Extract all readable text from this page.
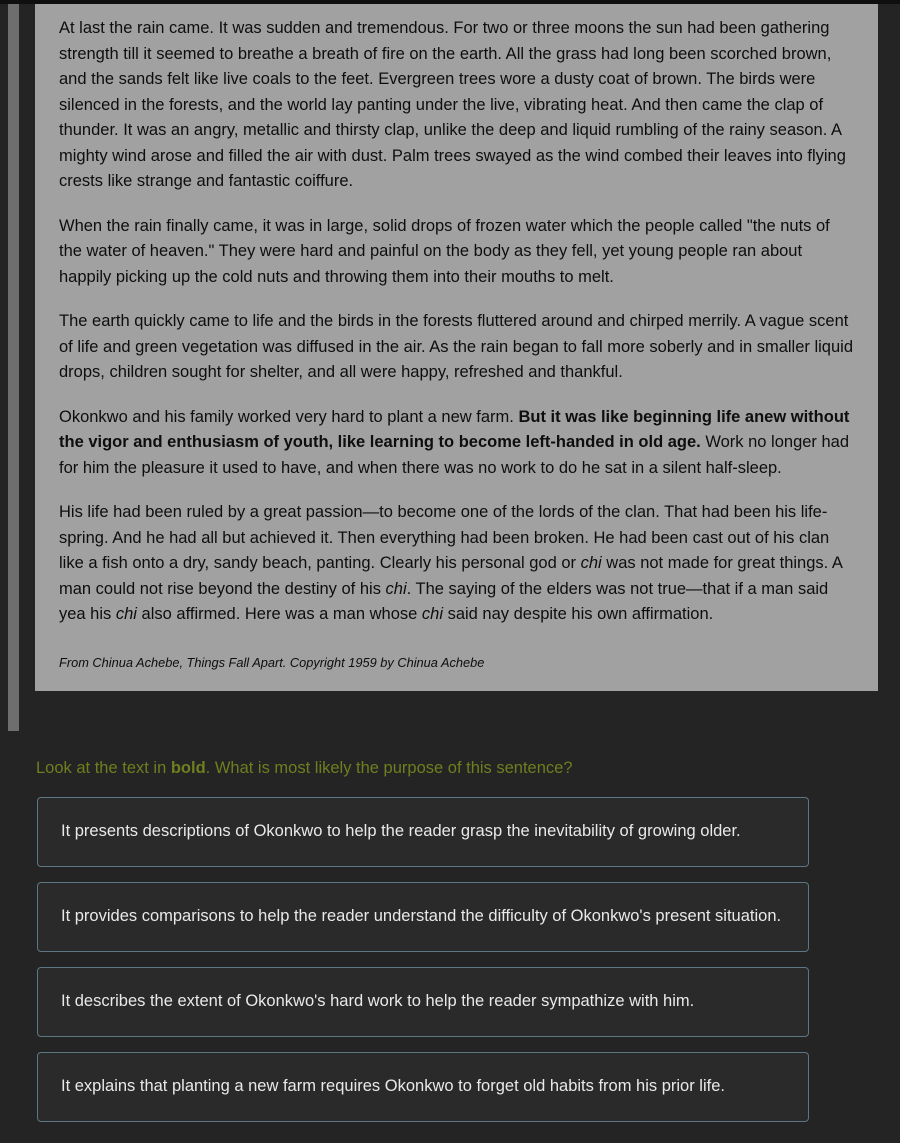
At last the rain came. It was sudden and tremendous. For two or three moons the sun had been gathering strength till it seemed to breathe a breath of fire on the earth. All the grass had long been scorched brown, and the sands felt like live coals to the feet. Evergreen trees wore a dusty coat of brown. The birds were silenced in the forests, and the world lay panting under the live, vibrating heat. And then came the clap of thunder. It was an angry, metallic and thirsty clap, unlike the deep and liquid rumbling of the rainy season. A mighty wind arose and filled the air with dust. Palm trees swayed as the wind combed their leaves into flying crests like strange and fantastic coiffure.

When the rain finally came, it was in large, solid drops of frozen water which the people called "the nuts of the water of heaven." They were hard and painful on the body as they fell, yet young people ran about happily picking up the cold nuts and throwing them into their mouths to melt.

The earth quickly came to life and the birds in the forests fluttered around and chirped merrily. A vague scent of life and green vegetation was diffused in the air. As the rain began to fall more soberly and in smaller liquid drops, children sought for shelter, and all were happy, refreshed and thankful.

Okonkwo and his family worked very hard to plant a new farm. But it was like beginning life anew without the vigor and enthusiasm of youth, like learning to become left-handed in old age. Work no longer had for him the pleasure it used to have, and when there was no work to do he sat in a silent half-sleep.

His life had been ruled by a great passion—to become one of the lords of the clan. That had been his life-spring. And he had all but achieved it. Then everything had been broken. He had been cast out of his clan like a fish onto a dry, sandy beach, panting. Clearly his personal god or chi was not made for great things. A man could not rise beyond the destiny of his chi. The saying of the elders was not true—that if a man said yea his chi also affirmed. Here was a man whose chi said nay despite his own affirmation.

From Chinua Achebe, Things Fall Apart. Copyright 1959 by Chinua Achebe

Look at the text in bold. What is most likely the purpose of this sentence?
It presents descriptions of Okonkwo to help the reader grasp the inevitability of growing older.
It provides comparisons to help the reader understand the difficulty of Okonkwo's present situation.
It describes the extent of Okonkwo's hard work to help the reader sympathize with him.
It explains that planting a new farm requires Okonkwo to forget old habits from his prior life.
